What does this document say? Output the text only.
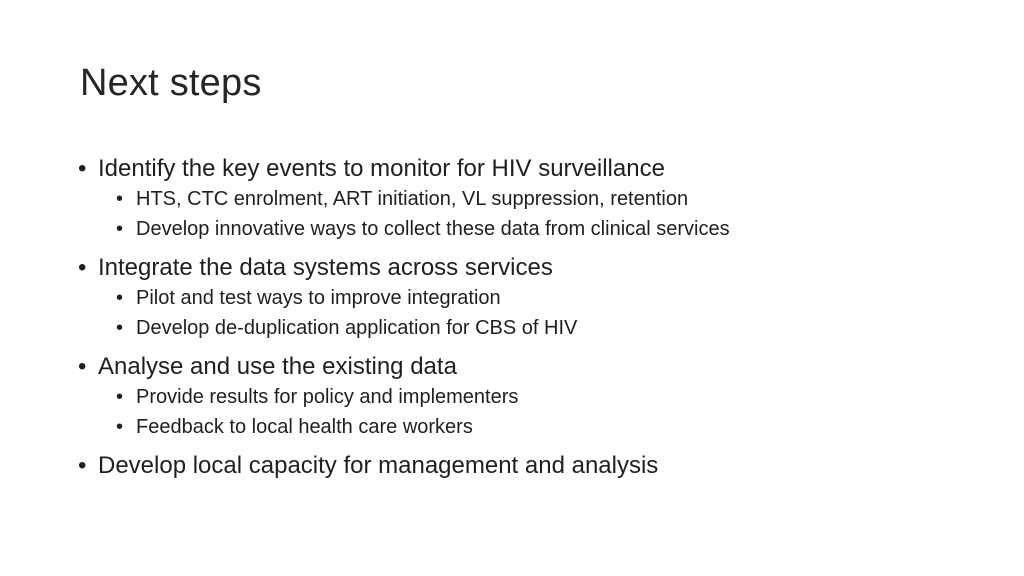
Next steps
• Identify the key events to monitor for HIV surveillance
• HTS, CTC enrolment, ART initiation, VL suppression, retention
• Develop innovative ways to collect these data from clinical services
• Integrate the data systems across services
• Pilot and test ways to improve integration
• Develop de-duplication application for CBS of HIV
• Analyse and use the existing data
• Provide results for policy and implementers
• Feedback to local health care workers
• Develop local capacity for management and analysis
